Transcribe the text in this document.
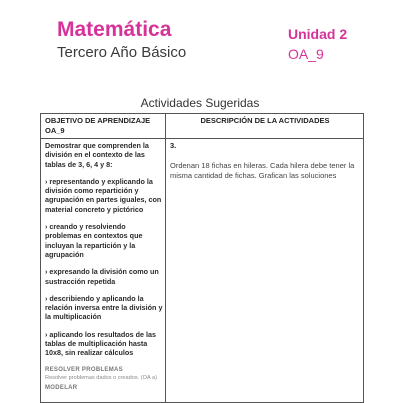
Matemática
Tercero Año Básico
Unidad 2
OA_9
Actividades Sugeridas
OBJETIVO DE APRENDIZAJE OA_9
DESCRIPCIÓN DE LA ACTIVIDADES
Demostrar que comprenden la división en el contexto de las tablas de 3, 6, 4 y 8:
› representando y explicando la división como repartición y agrupación en partes iguales, con material concreto y pictórico
› creando y resolviendo problemas en contextos que incluyan la repartición y la agrupación
› expresando la división como un sustracción repetida
› describiendo y aplicando la relación inversa entre la división y la multiplicación
› aplicando los resultados de las tablas de multiplicación hasta 10x8, sin realizar cálculos
RESOLVER PROBLEMAS
Resolver problemas dados o creados. (OA a)
MODELAR
3.
Ordenan 18 fichas en hileras. Cada hilera debe tener la misma cantidad de fichas. Grafican las soluciones
